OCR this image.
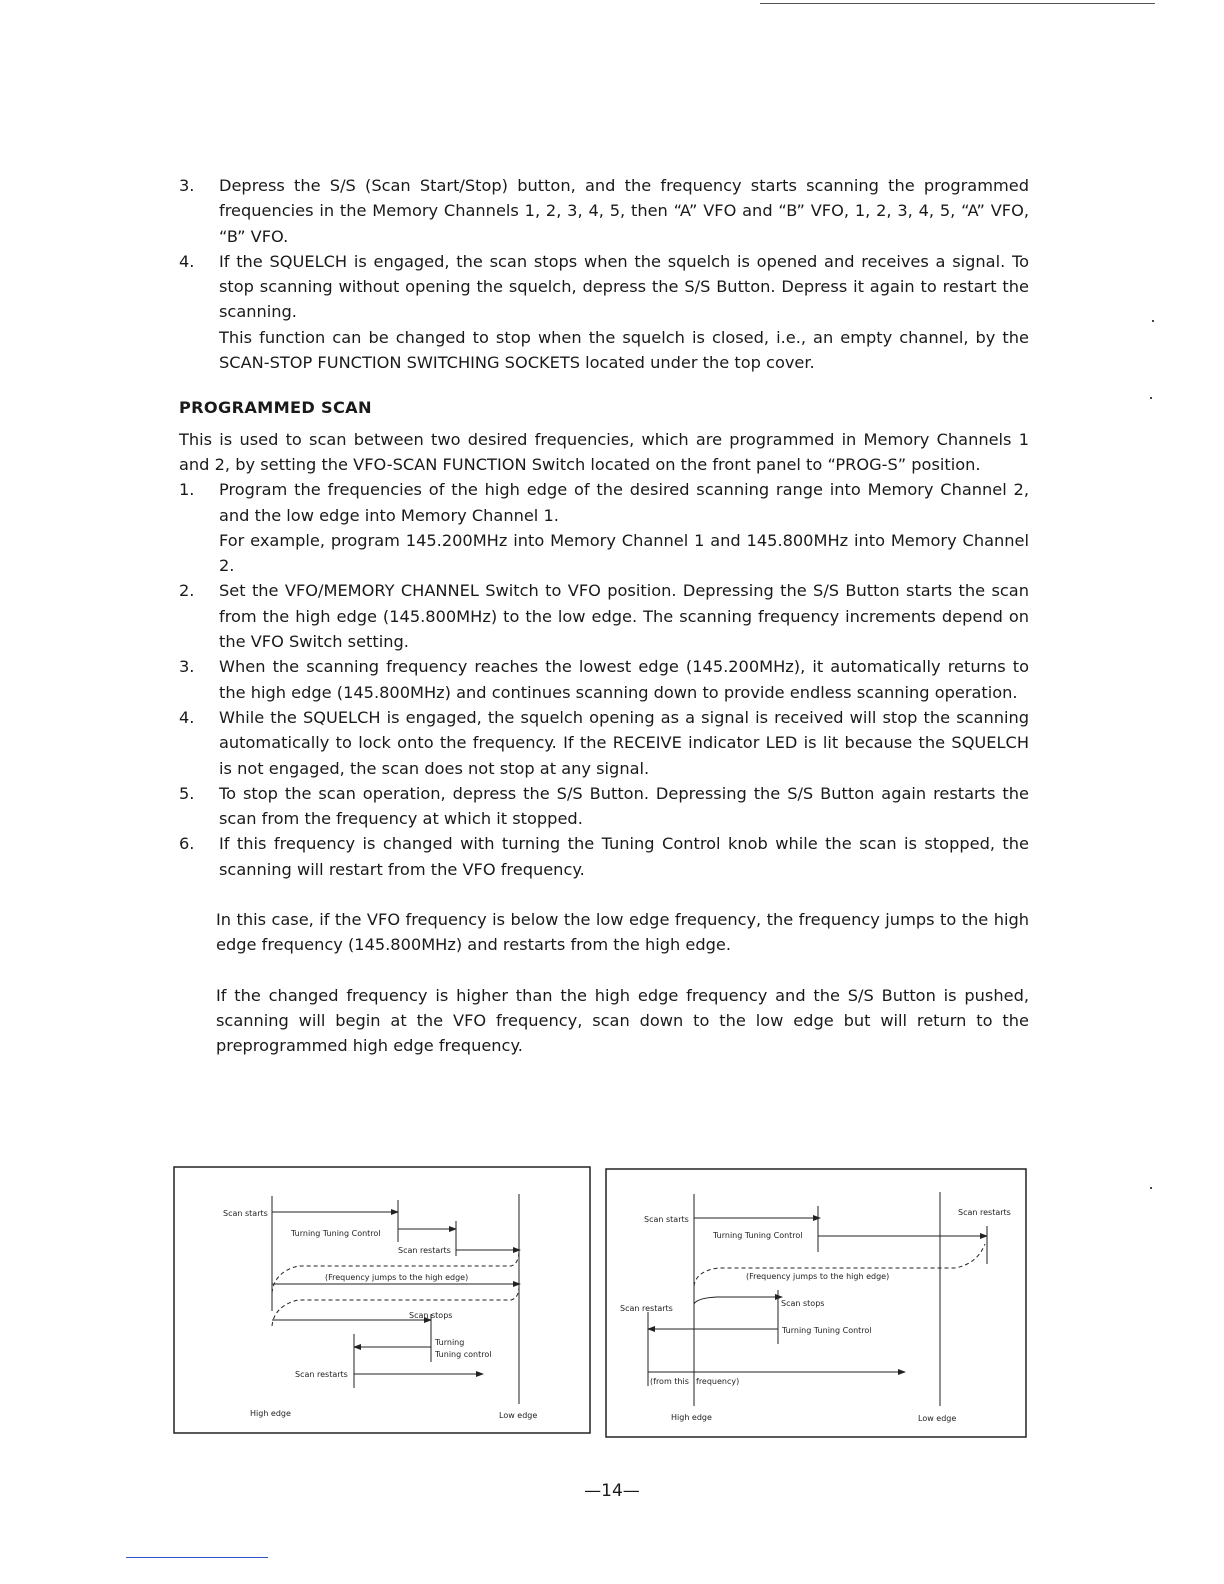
3. Depress the S/S (Scan Start/Stop) button, and the frequency starts scanning the programmed frequencies in the Memory Channels 1, 2, 3, 4, 5, then “A” VFO and “B” VFO, 1, 2, 3, 4, 5, “A” VFO, “B” VFO.

4. If the SQUELCH is engaged, the scan stops when the squelch is opened and receives a signal. To stop scanning without opening the squelch, depress the S/S Button. Depress it again to restart the scanning.

This function can be changed to stop when the squelch is closed, i.e., an empty channel, by the SCAN-STOP FUNCTION SWITCHING SOCKETS located under the top cover.

PROGRAMMED SCAN

This is used to scan between two desired frequencies, which are programmed in Memory Channels 1 and 2, by setting the VFO-SCAN FUNCTION Switch located on the front panel to “PROG-S” position.

1. Program the frequencies of the high edge of the desired scanning range into Memory Channel 2, and the low edge into Memory Channel 1.

For example, program 145.200MHz into Memory Channel 1 and 145.800MHz into Memory Channel 2.

2. Set the VFO/MEMORY CHANNEL Switch to VFO position. Depressing the S/S Button starts the scan from the high edge (145.800MHz) to the low edge. The scanning frequency increments depend on the VFO Switch setting.

3. When the scanning frequency reaches the lowest edge (145.200MHz), it automatically returns to the high edge (145.800MHz) and continues scanning down to provide endless scanning operation.

4. While the SQUELCH is engaged, the squelch opening as a signal is received will stop the scanning automatically to lock onto the frequency. If the RECEIVE indicator LED is lit because the SQUELCH is not engaged, the scan does not stop at any signal.

5. To stop the scan operation, depress the S/S Button. Depressing the S/S Button again restarts the scan from the frequency at which it stopped.

6. If this frequency is changed with turning the Tuning Control knob while the scan is stopped, the scanning will restart from the VFO frequency.

In this case, if the VFO frequency is below the low edge frequency, the frequency jumps to the high edge frequency (145.800MHz) and restarts from the high edge.

If the changed frequency is higher than the high edge frequency and the S/S Button is pushed, scanning will begin at the VFO frequency, scan down to the low edge but will return to the preprogrammed high edge frequency.

Scan starts
Turning Tuning Control
Scan restarts
(Frequency jumps to the high edge)
Scan stops
Turning
Tuning control
Scan restarts
High edge	Low edge
Scan starts
Scan restarts
Turning Tuning Control
(Frequency jumps to the high edge)
Scan restarts
Scan stops
Turning Tuning Control
(from this frequency)
High edge	Low edge
—14—
